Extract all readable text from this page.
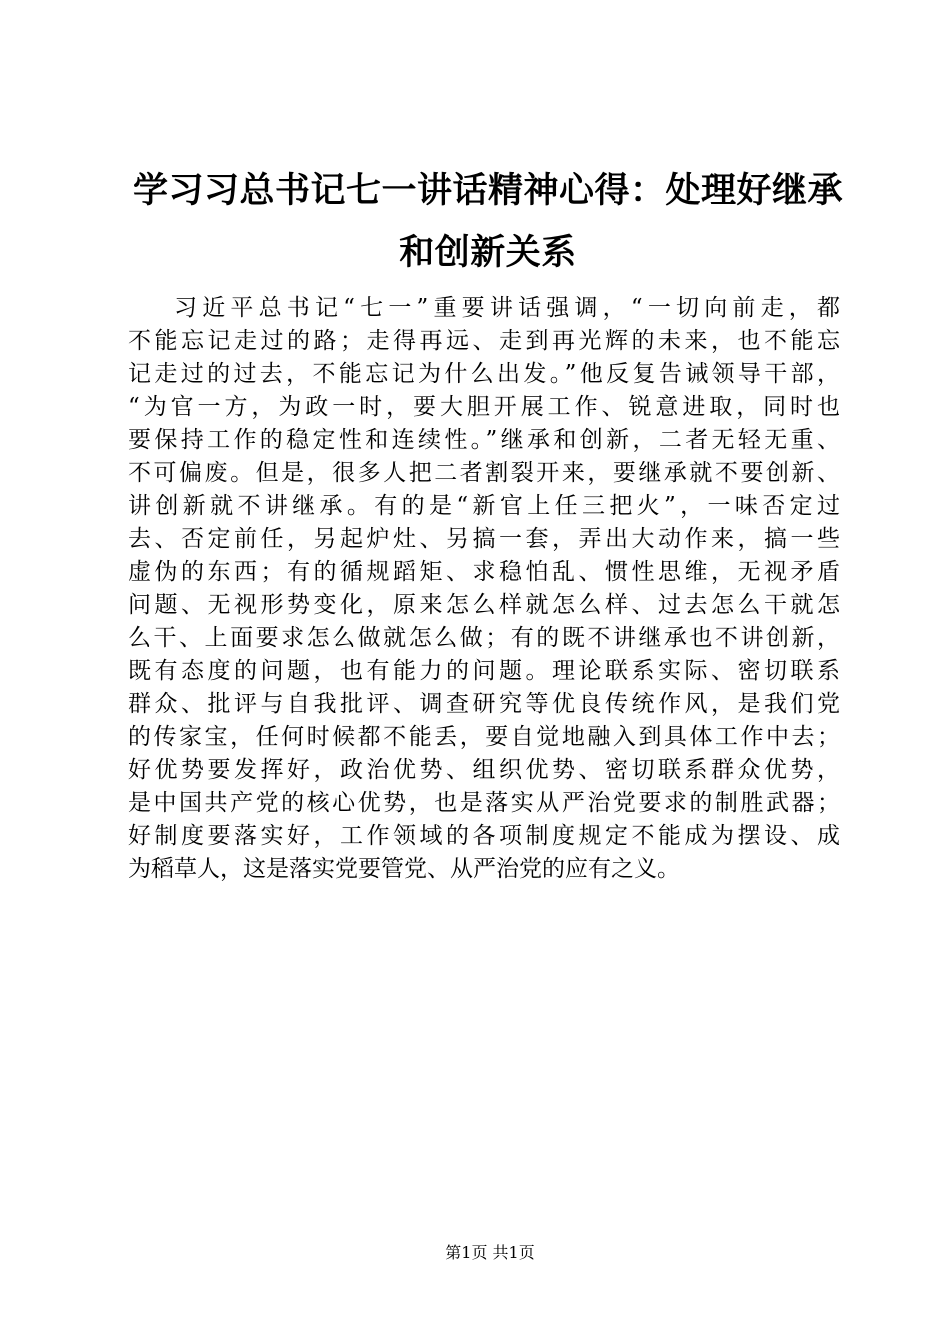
学习习总书记七一讲话精神心得：处理好继承
和创新关系
习近平总书记“七一”重要讲话强调，“一切向前走，都
不能忘记走过的路；走得再远、走到再光辉的未来，也不能忘
记走过的过去，不能忘记为什么出发。”他反复告诫领导干部，
“为官一方，为政一时，要大胆开展工作、锐意进取，同时也
要保持工作的稳定性和连续性。”继承和创新，二者无轻无重、
不可偏废。但是，很多人把二者割裂开来，要继承就不要创新、
讲创新就不讲继承。有的是“新官上任三把火”，一味否定过
去、否定前任，另起炉灶、另搞一套，弄出大动作来，搞一些
虚伪的东西；有的循规蹈矩、求稳怕乱、惯性思维，无视矛盾
问题、无视形势变化，原来怎么样就怎么样、过去怎么干就怎
么干、上面要求怎么做就怎么做；有的既不讲继承也不讲创新，
既有态度的问题，也有能力的问题。理论联系实际、密切联系
群众、批评与自我批评、调查研究等优良传统作风，是我们党
的传家宝，任何时候都不能丢，要自觉地融入到具体工作中去；
好优势要发挥好，政治优势、组织优势、密切联系群众优势，
是中国共产党的核心优势，也是落实从严治党要求的制胜武器；
好制度要落实好，工作领域的各项制度规定不能成为摆设、成
为稻草人，这是落实党要管党、从严治党的应有之义。
第1页 共1页
